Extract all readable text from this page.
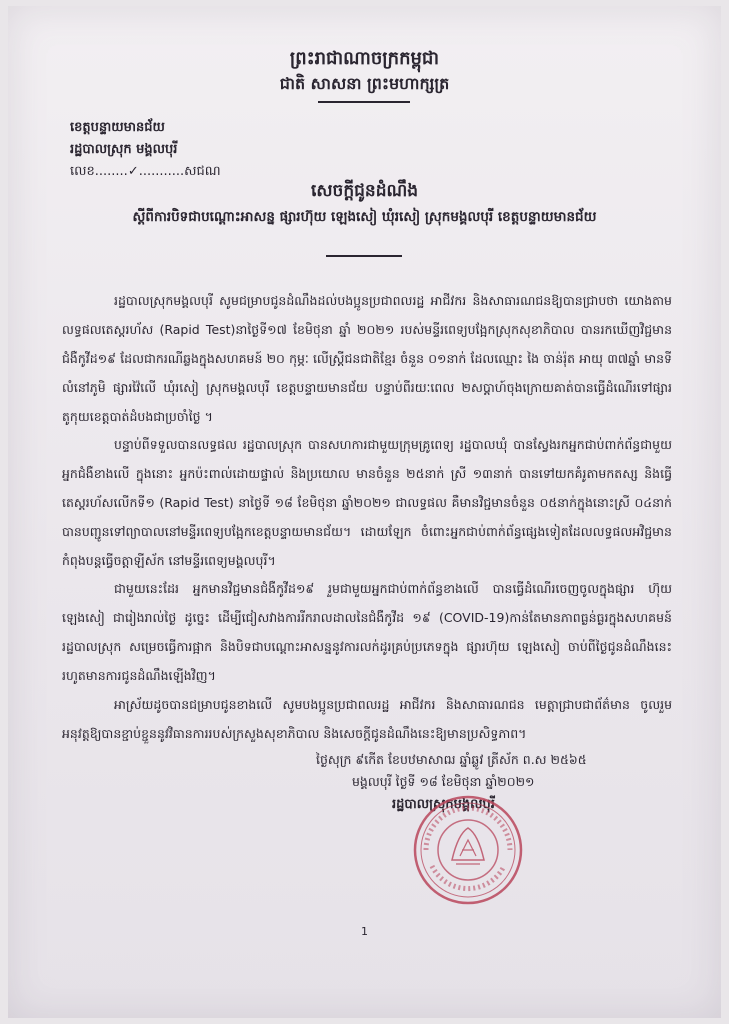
ព្រះរាជាណាចក្រកម្ពុជា
ជាតិ សាសនា ព្រះមហាក្សត្រ
ខេត្តបន្ទាយមានជ័យ
រដ្ឋបាលស្រុក មង្គលបុរី
លេខ........✓...........សជណ
សេចក្តីជូនដំណឹង
ស្តីពីការបិទជាបណ្តោះអាសន្ន ផ្សារហ៊ុយ ឡេងសៀ ឃុំរសៀ ស្រុកមង្គលបុរី ខេត្តបន្ទាយមានជ័យ
រដ្ឋបាលស្រុកមង្គលបុរី សូមជម្រាបជូនដំណឹងដល់បងប្អូនប្រជាពលរដ្ឋ អាជីវករ និងសាធារណជនឱ្យបានជ្រាបថា យោងតាមលទ្ធផលតេស្តរហ័ស (Rapid Test)នាថ្ងៃទី១៧ ខែមិថុនា ឆ្នាំ ២០២១ របស់មន្ទីរពេទ្យបង្អែកស្រុកសុខាភិបាល បានរកឃើញវិជ្ជមានជំងឺកូវីដ១៩ ដែលជាករណីឆ្លងក្នុងសហគមន៍ ២០ កុម្ភៈ លើស្ត្រីជនជាតិខ្មែរ ចំនួន ០១នាក់ ដែលឈ្មោះ ងៃ ចាន់រ៉ុត អាយុ ៣៧ឆ្នាំ មានទីលំនៅភូមិ ផ្សារវ៉ៃលើ ឃុំរសៀ ស្រុកមង្គលបុរី ខេត្តបន្ទាយមានជ័យ បន្ទាប់ពីរយៈពេល ២សប្តាហ៍ចុងក្រោយគាត់បានធ្វើដំណើរទៅផ្សារ តូកុយខេត្តបាត់ដំបងជាប្រចាំថ្ងៃ ។
បន្ទាប់ពីទទួលបានលទ្ធផល រដ្ឋបាលស្រុក បានសហការជាមួយក្រុមគ្រូពេទ្យ រដ្ឋបាលឃុំ បានស្វែងរកអ្នកជាប់ពាក់ព័ន្ធជាមួយអ្នកជំងឺខាងលើ ក្នុងនោះ អ្នកប៉ះពាល់ដោយផ្ទាល់ និងប្រយោល មានចំនួន ២៥នាក់ ស្រី ១៣នាក់ បានទៅយកគំរូតាមកតស្ស និងធ្វើតេស្តរហ័សលើកទី១ (Rapid Test) នាថ្ងៃទី ១៨ ខែមិថុនា ឆ្នាំ២០២១ ជាលទ្ធផល គឺមានវិជ្ជមានចំនួន ០៥នាក់ក្នុងនោះស្រី ០៤នាក់ បានបញ្ជូនទៅព្យាបាលនៅមន្ទីរពេទ្យបង្អែកខេត្តបន្ទាយមានជ័យ។ ដោយឡែក ចំពោះអ្នកជាប់ពាក់ព័ន្ធផ្សេងទៀតដែលលទ្ធផលអវិជ្ជមាន កំពុងបន្តធ្វើចត្តាឡីស័ក នៅមន្ទីរពេទ្យមង្គលបុរី។
ជាមួយនេះដែរ អ្នកមានវិជ្ជមានជំងឺកូវីដ១៩ រួមជាមួយអ្នកជាប់ពាក់ព័ន្ធខាងលើ បានធ្វើដំណើរចេញចូលក្នុងផ្សារ ហ៊ុយ ឡេងសៀ ជារៀងរាល់ថ្ងៃ ដូច្នេះ ដើម្បីជៀសវាងការរីករាលដាលនៃជំងឺកូវីដ ១៩ (COVID-19)កាន់តែមានភាពធ្ងន់ធ្ងរក្នុងសហគមន៍ រដ្ឋបាលស្រុក សម្រេចធ្វើការផ្អាក និងបិទជាបណ្តោះអាសន្ននូវការលក់ដូរគ្រប់ប្រភេទក្នុង ផ្សារហ៊ុយ ឡេងសៀ ចាប់ពីថ្ងៃជូនដំណឹងនេះ រហូតមានការជូនដំណឹងឡើងវិញ។
អាស្រ័យដូចបានជម្រាបជូនខាងលើ សូមបងប្អូនប្រជាពលរដ្ឋ អាជីវករ និងសាធារណជន មេត្តាជ្រាបជាព័ត៌មាន ចូលរួមអនុវត្តឱ្យបានខ្ជាប់ខ្ជួននូវវិធានការរបស់ក្រសួងសុខាភិបាល និងសេចក្តីជូនដំណឹងនេះឱ្យមានប្រសិទ្ធភាព។
ថ្ងៃសុក្រ ៩កើត ខែបឋមាសាឍ ឆ្នាំឆ្លូវ ត្រីស័ក ព.ស ២៥៦៥
មង្គលបុរី ថ្ងៃទី ១៨ ខែមិថុនា ឆ្នាំ២០២១
រដ្ឋបាលស្រុកមង្គលបុរី
1
